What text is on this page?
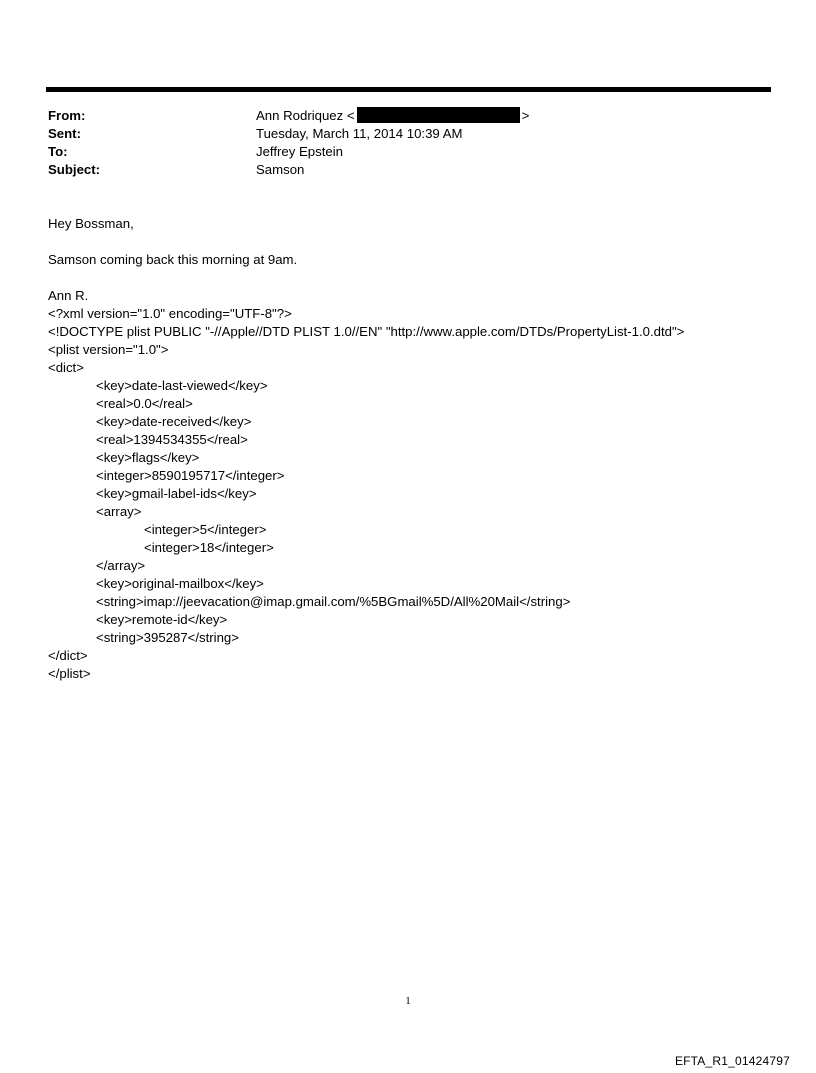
From:	Ann Rodriquez <	>
Sent:	Tuesday, March 11, 2014 10:39 AM
To:	Jeffrey Epstein
Subject:	Samson
Hey Bossman,
Samson coming back this morning at 9am.
Ann R.
<?xml version="1.0" encoding="UTF-8"?>
<!DOCTYPE plist PUBLIC "-//Apple//DTD PLIST 1.0//EN" "http://www.apple.com/DTDs/PropertyList-1.0.dtd">
<plist version="1.0">
<dict>
<key>date-last-viewed</key>
<real>0.0</real>
<key>date-received</key>
<real>1394534355</real>
<key>flags</key>
<integer>8590195717</integer>
<key>gmail-label-ids</key>
<array>
<integer>5</integer>
<integer>18</integer>
</array>
<key>original-mailbox</key>
<string>imap://jeevacation@imap.gmail.com/%5BGmail%5D/All%20Mail</string>
<key>remote-id</key>
<string>395287</string>
</dict>
</plist>
1
EFTA_R1_01424797
